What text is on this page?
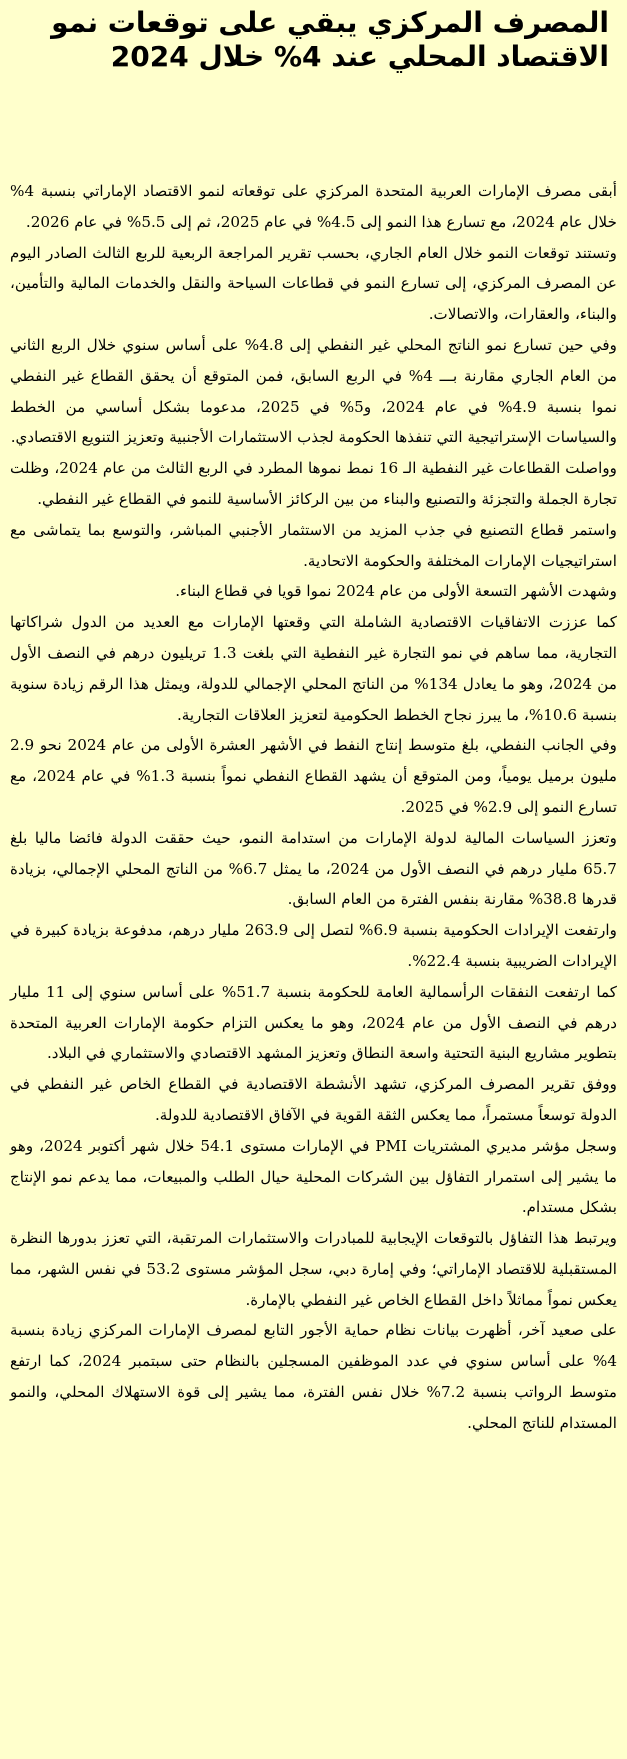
المصرف المركزي يبقي على توقعات نمو الاقتصاد المحلي عند 4% خلال 2024

أبقى مصرف الإمارات العربية المتحدة المركزي على توقعاته لنمو الاقتصاد الإماراتي بنسبة 4% خلال عام 2024، مع تسارع هذا النمو إلى 4.5% في عام 2025، ثم إلى 5.5% في عام 2026.

وتستند توقعات النمو خلال العام الجاري، بحسب تقرير المراجعة الربعية للربع الثالث الصادر اليوم عن المصرف المركزي، إلى تسارع النمو في قطاعات السياحة والنقل والخدمات المالية والتأمين، والبناء، والعقارات، والاتصالات.

وفي حين تسارع نمو الناتج المحلي غير النفطي إلى 4.8% على أساس سنوي خلال الربع الثاني من العام الجاري مقارنة بـــ 4% في الربع السابق، فمن المتوقع أن يحقق القطاع غير النفطي نموا بنسبة 4.9% في عام 2024، و5% في 2025، مدعوما بشكل أساسي من الخطط والسياسات الإستراتيجية التي تنفذها الحكومة لجذب الاستثمارات الأجنبية وتعزيز التنويع الاقتصادي.

وواصلت القطاعات غير النفطية الـ 16 نمط نموها المطرد في الربع الثالث من عام 2024، وظلت تجارة الجملة والتجزئة والتصنيع والبناء من بين الركائز الأساسية للنمو في القطاع غير النفطي.

واستمر قطاع التصنيع في جذب المزيد من الاستثمار الأجنبي المباشر، والتوسع بما يتماشى مع استراتيجيات الإمارات المختلفة والحكومة الاتحادية.

وشهدت الأشهر التسعة الأولى من عام 2024 نموا قويا في قطاع البناء.

كما عززت الاتفاقيات الاقتصادية الشاملة التي وقعتها الإمارات مع العديد من الدول شراكاتها التجارية، مما ساهم في نمو التجارة غير النفطية التي بلغت 1.3 تريليون درهم في النصف الأول من 2024، وهو ما يعادل 134% من الناتج المحلي الإجمالي للدولة، ويمثل هذا الرقم زيادة سنوية بنسبة 10.6%، ما يبرز نجاح الخطط الحكومية لتعزيز العلاقات التجارية.

وفي الجانب النفطي، بلغ متوسط إنتاج النفط في الأشهر العشرة الأولى من عام 2024 نحو 2.9 مليون برميل يومياً، ومن المتوقع أن يشهد القطاع النفطي نمواً بنسبة 1.3% في عام 2024، مع تسارع النمو إلى 2.9% في 2025.

وتعزز السياسات المالية لدولة الإمارات من استدامة النمو، حيث حققت الدولة فائضا ماليا بلغ 65.7 مليار درهم في النصف الأول من 2024، ما يمثل 6.7% من الناتج المحلي الإجمالي، بزيادة قدرها 38.8% مقارنة بنفس الفترة من العام السابق.

وارتفعت الإيرادات الحكومية بنسبة 6.9% لتصل إلى 263.9 مليار درهم، مدفوعة بزيادة كبيرة في الإيرادات الضريبية بنسبة 22.4%.

كما ارتفعت النفقات الرأسمالية العامة للحكومة بنسبة 51.7% على أساس سنوي إلى 11 مليار درهم في النصف الأول من عام 2024، وهو ما يعكس التزام حكومة الإمارات العربية المتحدة بتطوير مشاريع البنية التحتية واسعة النطاق وتعزيز المشهد الاقتصادي والاستثماري في البلاد.

ووفق تقرير المصرف المركزي، تشهد الأنشطة الاقتصادية في القطاع الخاص غير النفطي في الدولة توسعاً مستمراً، مما يعكس الثقة القوية في الآفاق الاقتصادية للدولة.

وسجل مؤشر مديري المشتريات PMI في الإمارات مستوى 54.1 خلال شهر أكتوبر 2024، وهو ما يشير إلى استمرار التفاؤل بين الشركات المحلية حيال الطلب والمبيعات، مما يدعم نمو الإنتاج بشكل مستدام.

ويرتبط هذا التفاؤل بالتوقعات الإيجابية للمبادرات والاستثمارات المرتقبة، التي تعزز بدورها النظرة المستقبلية للاقتصاد الإماراتي؛ وفي إمارة دبي، سجل المؤشر مستوى 53.2 في نفس الشهر، مما يعكس نمواً مماثلاً داخل القطاع الخاص غير النفطي بالإمارة.

على صعيد آخر، أظهرت بيانات نظام حماية الأجور التابع لمصرف الإمارات المركزي زيادة بنسبة 4% على أساس سنوي في عدد الموظفين المسجلين بالنظام حتى سبتمبر 2024، كما ارتفع متوسط الرواتب بنسبة 7.2% خلال نفس الفترة، مما يشير إلى قوة الاستهلاك المحلي، والنمو المستدام للناتج المحلي.
